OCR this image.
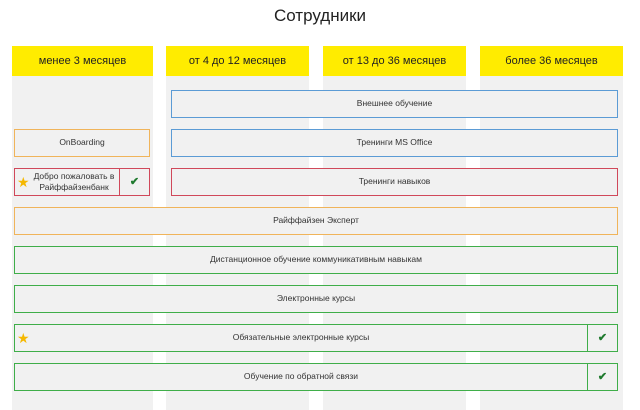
Сотрудники
менее 3 месяцев	от 4 до 12 месяцев	от 13 до 36 месяцев	более 36 месяцев
Внешнее обучение
OnBoarding	Тренинги MS Office
★ Добро пожаловать в Райффайзенбанк	✔	Тренинги навыков
Райффайзен Эксперт
Дистанционное обучение коммуникативным навыкам
Электронные курсы
★	Обязательные электронные курсы	✔
Обучение по обратной связи	✔
